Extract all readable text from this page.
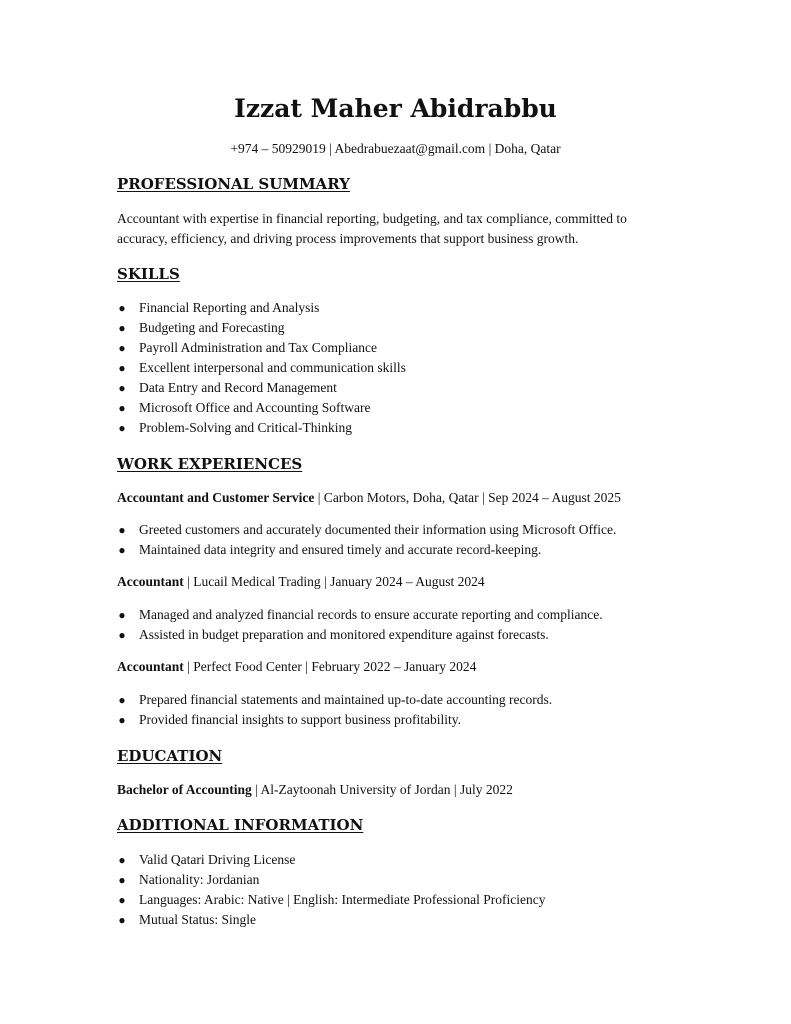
Izzat Maher Abidrabbu

+974 – 50929019 | Abedrabuezaat@gmail.com | Doha, Qatar

PROFESSIONAL SUMMARY

Accountant with expertise in financial reporting, budgeting, and tax compliance, committed to accuracy, efficiency, and driving process improvements that support business growth.

SKILLS
● Financial Reporting and Analysis
● Budgeting and Forecasting
● Payroll Administration and Tax Compliance
● Excellent interpersonal and communication skills
● Data Entry and Record Management
● Microsoft Office and Accounting Software
● Problem-Solving and Critical-Thinking
WORK EXPERIENCES

Accountant and Customer Service | Carbon Motors, Doha, Qatar | Sep 2024 – August 2025

● Greeted customers and accurately documented their information using Microsoft Office.
● Maintained data integrity and ensured timely and accurate record-keeping.

Accountant | Lucail Medical Trading | January 2024 – August 2024

● Managed and analyzed financial records to ensure accurate reporting and compliance.
● Assisted in budget preparation and monitored expenditure against forecasts.

Accountant | Perfect Food Center | February 2022 – January 2024

● Prepared financial statements and maintained up-to-date accounting records.
● Provided financial insights to support business profitability.
EDUCATION

Bachelor of Accounting | Al-Zaytoonah University of Jordan | July 2022

ADDITIONAL INFORMATION
● Valid Qatari Driving License
● Nationality: Jordanian
● Languages: Arabic: Native | English: Intermediate Professional Proficiency
● Mutual Status: Single
